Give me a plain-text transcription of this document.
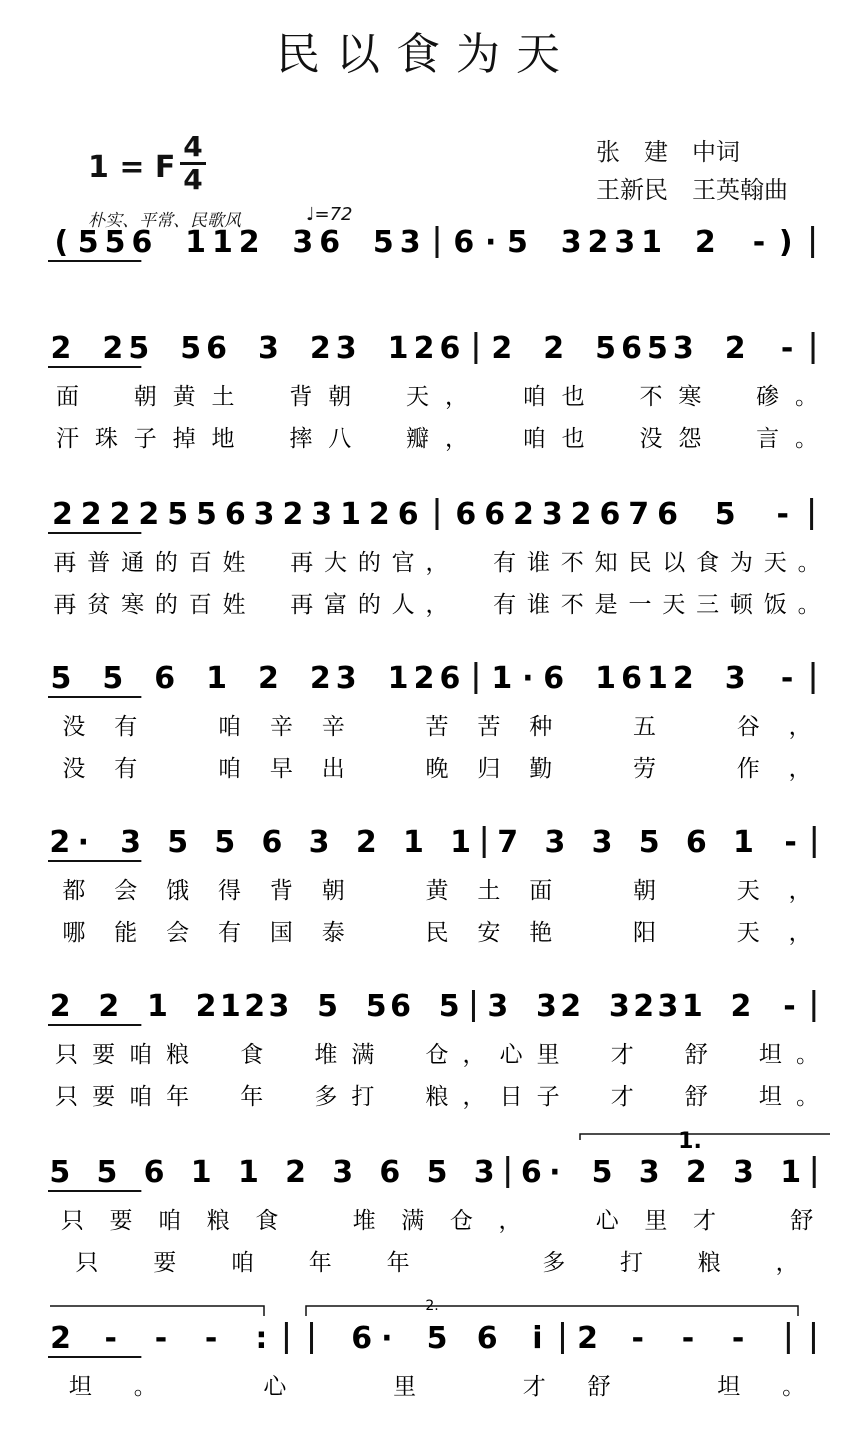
民以食为天
1 = F
4
4
张　建　中词
王新民　王英翰曲
朴实、平常、民歌风	♩=72
( 5 5 6 1 1 2 3 6 5 3 6 · 5 3 2 3 1 2 - )
2 2 5 5 6 3 2 3 1 2 6 2 2 5 6 5 3 2 -
面 朝 黄 土 背 朝 天 ， 咱 也 不 寒 碜 。
汗 珠 子 掉 地 摔 八 瓣 ， 咱 也 没 怨 言 。
2 2 2 2 5 5 6 3 2 3 1 2 6 6 6 2 3 2 6 7 6 5 -
再 普 通 的 百 姓 再 大 的 官 ， 有 谁 不 知 民 以 食 为 天 。
再 贫 寒 的 百 姓 再 富 的 人 ， 有 谁 不 是 一 天 三 顿 饭 。
5 5 6 1 2 2 3 1 2 6 1 · 6 1 6 1 2 3 -
没 有	咱 辛 辛	苦 苦 种	五	谷 ，
没 有	咱 早 出	晚 归 勤	劳	作 ，
2 · 3 5 5 6 3 2 1 1 7 3 3 5 6 1 -
都 会 饿 得 背 朝	黄 土 面	朝	天 ，
哪 能 会 有 国 泰	民 安 艳	阳	天 ，
2 2 1 2 1 2 3 5 5 6 5 3 3 2 3 2 3 1 2 -
只 要 咱 粮 食 堆 满 仓 ， 心 里 才 舒 坦 。
只 要 咱 年 年 多 打 粮 ， 日 子 才 舒 坦 。
5 5 6 1 1 2 3 6 5 3 6 · 5 3 2 3 1
只 要 咱 粮 食	堆 满 仓 ，	心 里 才	舒
只 要 咱 年 年	多 打 粮 ，
2 - - - :	6 · 5 6 i 2 - - -
坦 。	心	里	才 舒	坦 。
1.
2.
